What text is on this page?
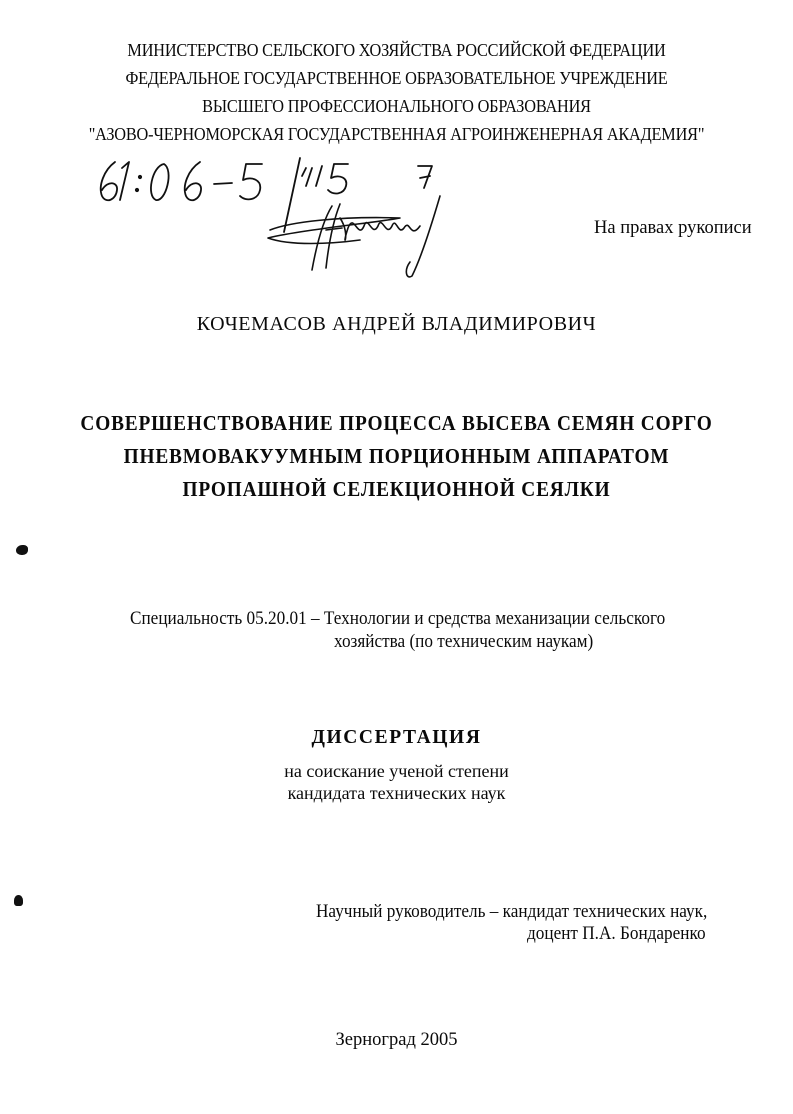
МИНИСТЕРСТВО СЕЛЬСКОГО ХОЗЯЙСТВА РОССИЙСКОЙ ФЕДЕРАЦИИ
ФЕДЕРАЛЬНОЕ ГОСУДАРСТВЕННОЕ ОБРАЗОВАТЕЛЬНОЕ УЧРЕЖДЕНИЕ
ВЫСШЕГО ПРОФЕССИОНАЛЬНОГО ОБРАЗОВАНИЯ
"АЗОВО-ЧЕРНОМОРСКАЯ ГОСУДАРСТВЕННАЯ АГРОИНЖЕНЕРНАЯ АКАДЕМИЯ"
На правах рукописи
КОЧЕМАСОВ АНДРЕЙ ВЛАДИМИРОВИЧ
СОВЕРШЕНСТВОВАНИЕ ПРОЦЕССА ВЫСЕВА СЕМЯН СОРГО
ПНЕВМОВАКУУМНЫМ ПОРЦИОННЫМ АППАРАТОМ
ПРОПАШНОЙ СЕЛЕКЦИОННОЙ СЕЯЛКИ
Специальность 05.20.01 – Технологии и средства механизации сельского
хозяйства (по техническим наукам)
ДИССЕРТАЦИЯ
на соискание ученой степени
кандидата технических наук
Научный руководитель – кандидат технических наук,
доцент П.А. Бондаренко
Зерноград 2005
